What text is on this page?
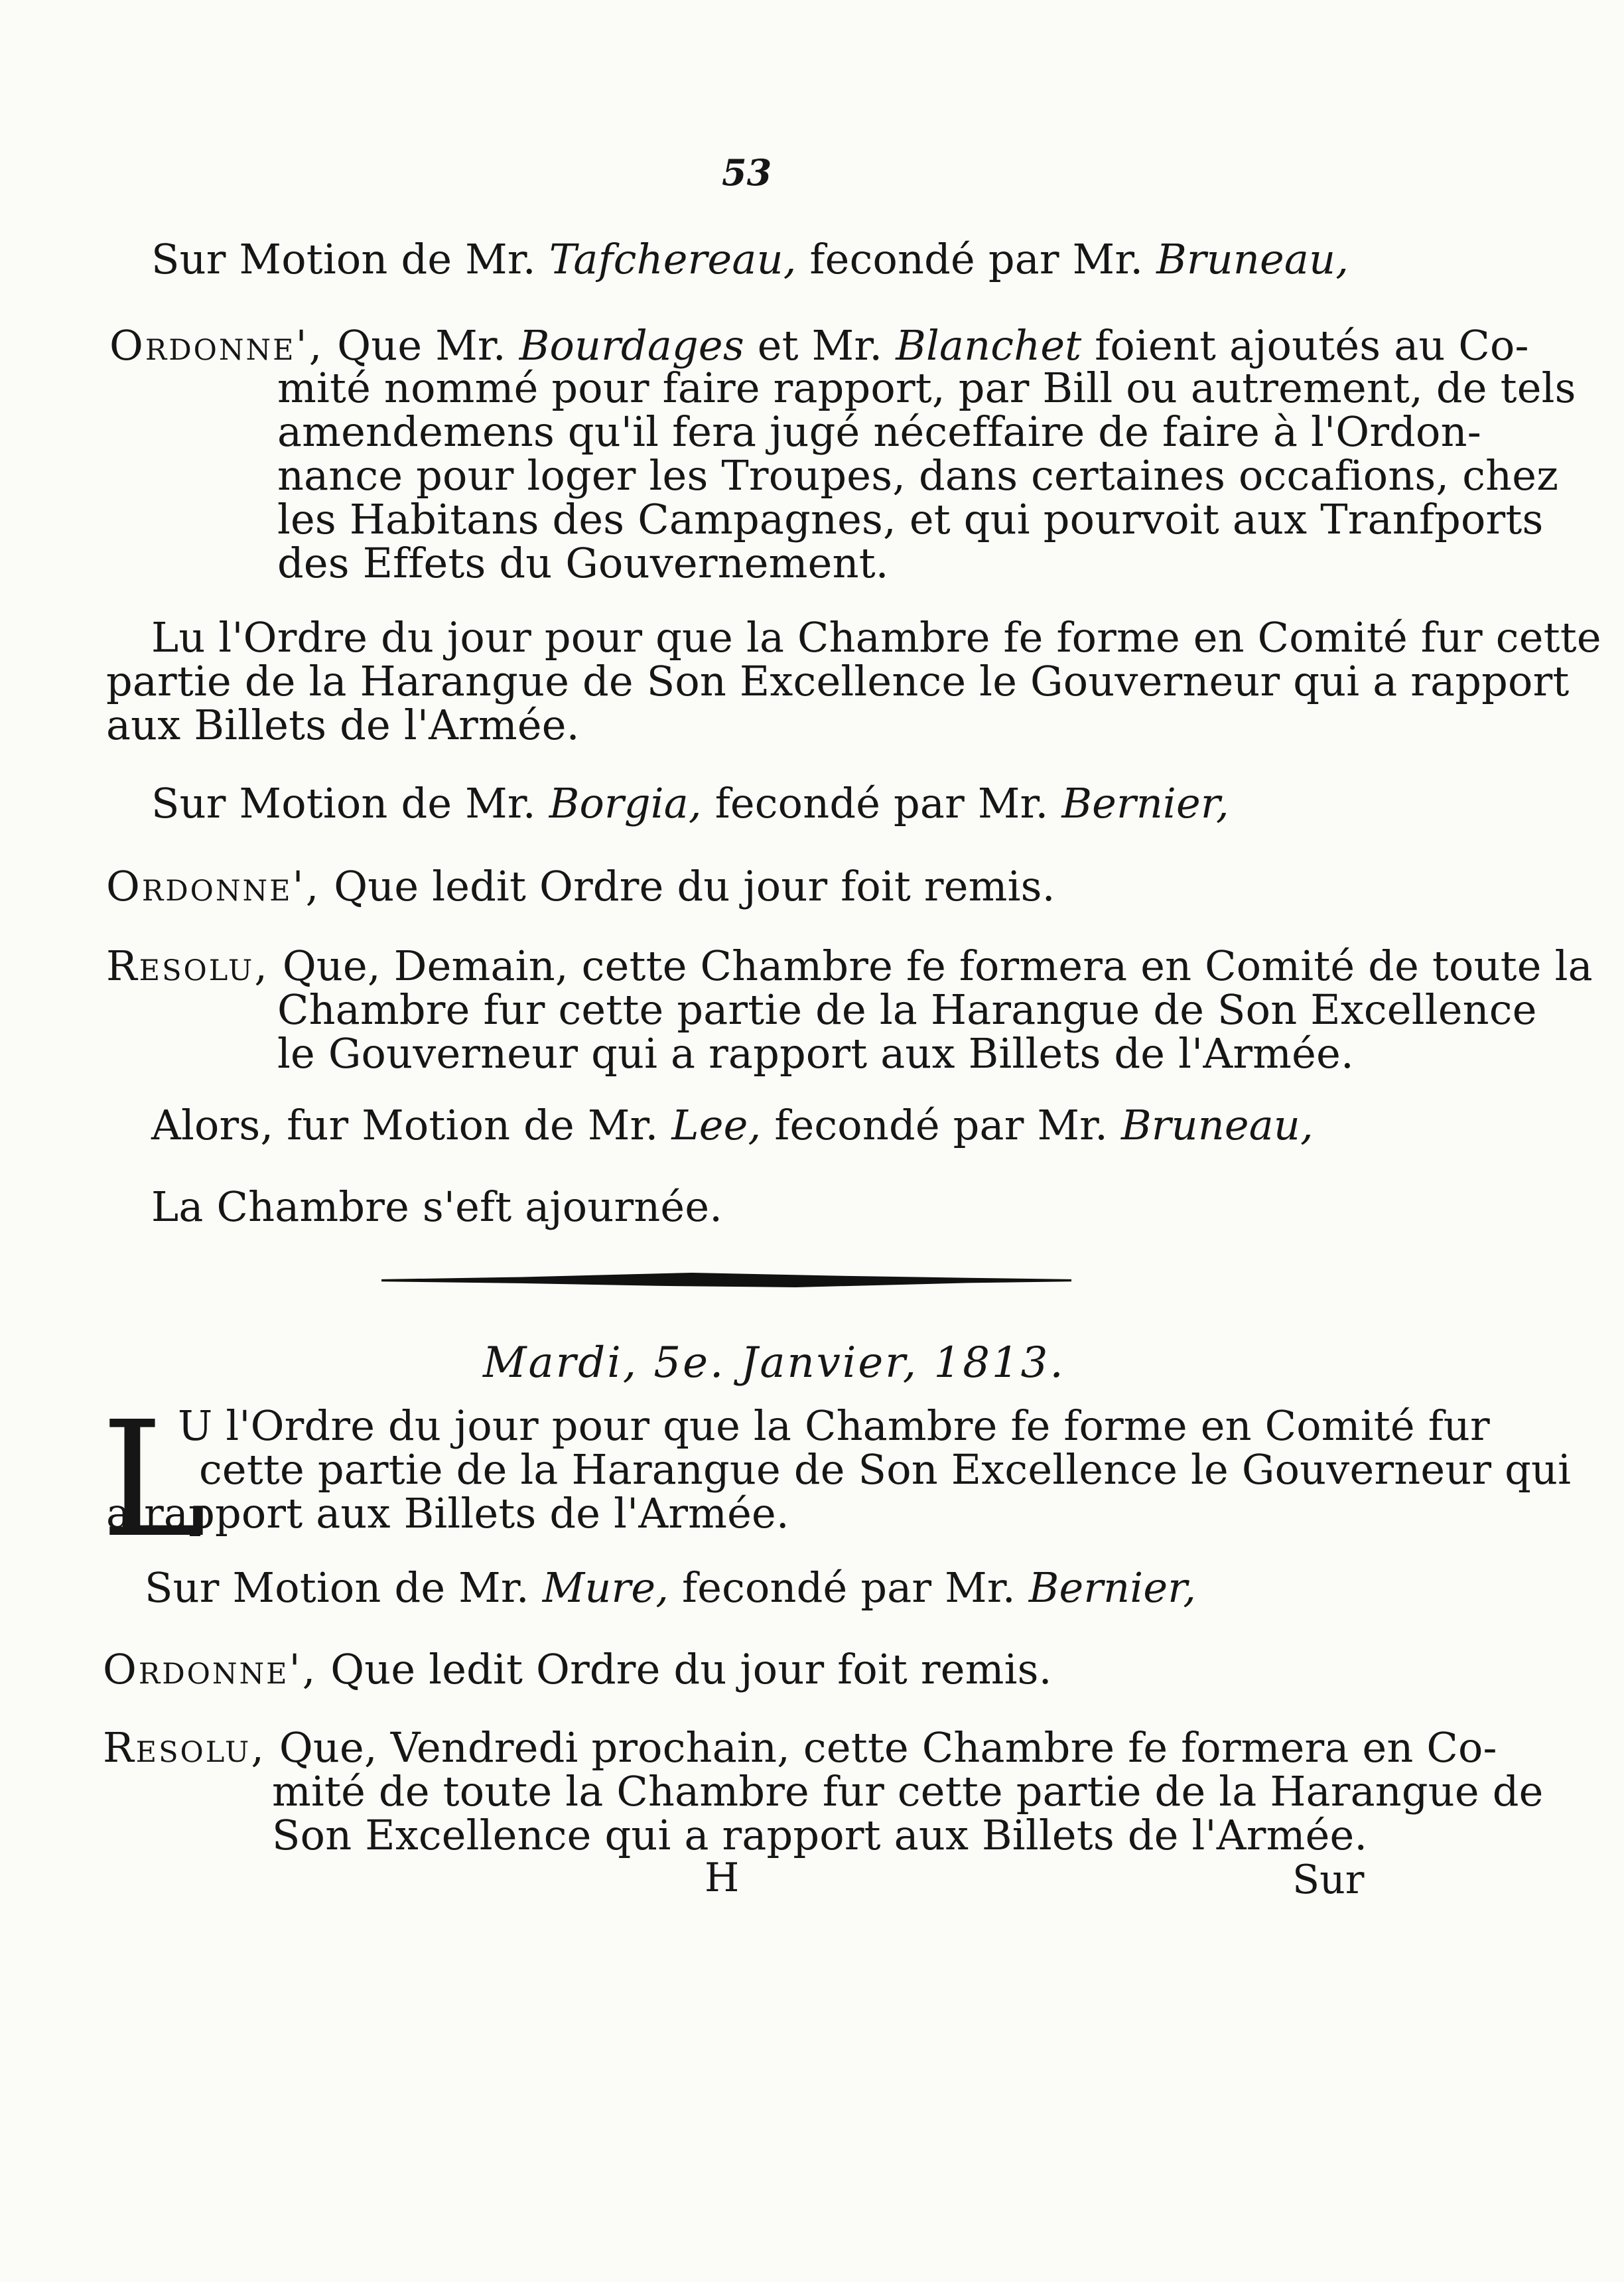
53
Sur Motion de Mr. Tafchereau, fecondé par Mr. Bruneau,
Ordonne', Que Mr. Bourdages et Mr. Blanchet foient ajoutés au Co-
mité nommé pour faire rapport, par Bill ou autrement, de tels
amendemens qu'il fera jugé néceffaire de faire à l'Ordon-
nance pour loger les Troupes, dans certaines occafions, chez
les Habitans des Campagnes, et qui pourvoit aux Tranfports
des Effets du Gouvernement.
Lu l'Ordre du jour pour que la Chambre fe forme en Comité fur cette
partie de la Harangue de Son Excellence le Gouverneur qui a rapport
aux Billets de l'Armée.
Sur Motion de Mr. Borgia, fecondé par Mr. Bernier,
Ordonne', Que ledit Ordre du jour foit remis.
Resolu, Que, Demain, cette Chambre fe formera en Comité de toute la
Chambre fur cette partie de la Harangue de Son Excellence
le Gouverneur qui a rapport aux Billets de l'Armée.
Alors, fur Motion de Mr. Lee, fecondé par Mr. Bruneau,
La Chambre s'eft ajournée.
Mardi, 5e. Janvier, 1813.
L
U l'Ordre du jour pour que la Chambre fe forme en Comité fur
cette partie de la Harangue de Son Excellence le Gouverneur qui
a rapport aux Billets de l'Armée.
Sur Motion de Mr. Mure, fecondé par Mr. Bernier,
Ordonne', Que ledit Ordre du jour foit remis.
Resolu, Que, Vendredi prochain, cette Chambre fe formera en Co-
mité de toute la Chambre fur cette partie de la Harangue de
Son Excellence qui a rapport aux Billets de l'Armée.
H	Sur
